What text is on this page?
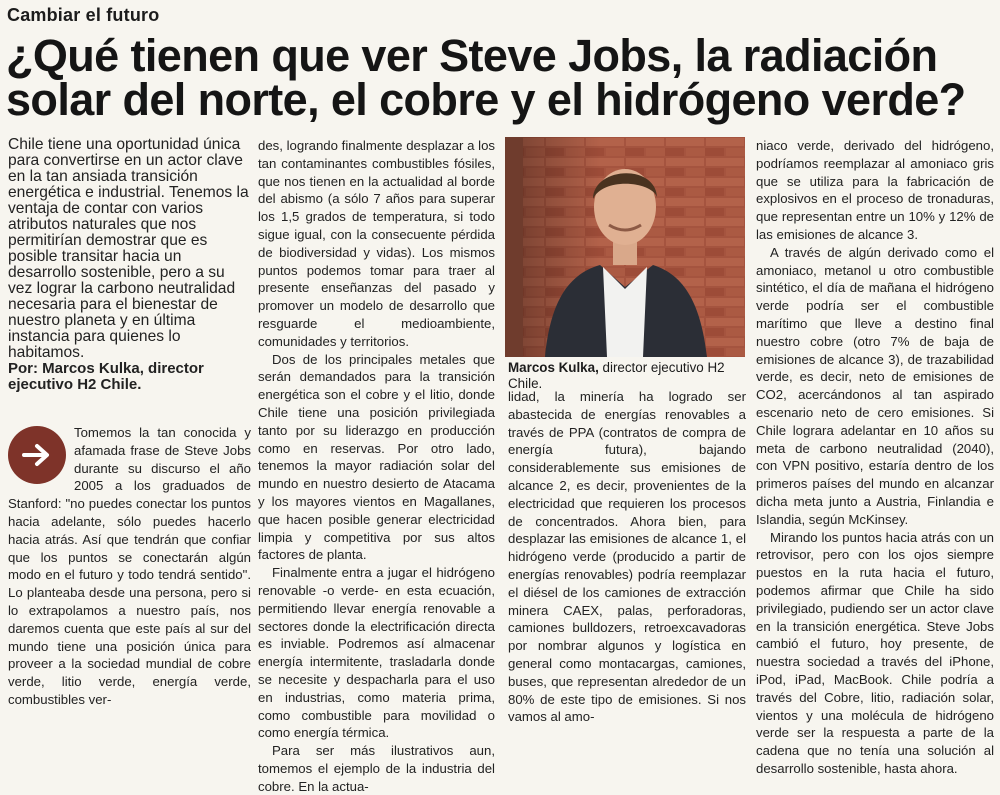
Cambiar el futuro
¿Qué tienen que ver Steve Jobs, la radiación solar del norte, el cobre y el hidrógeno verde?
Chile tiene una oportunidad única para convertirse en un actor clave en la tan ansiada transición energética e industrial. Tenemos la ventaja de contar con varios atributos naturales que nos permitirían demostrar que es posible transitar hacia un desarrollo sostenible, pero a su vez lograr la carbono neutralidad necesaria para el bienestar de nuestro planeta y en última instancia para quienes lo habitamos.
Por: Marcos Kulka, director ejecutivo H2 Chile.

Tomemos la tan conocida y afamada frase de Steve Jobs durante su discurso el año 2005 a los graduados de Stanford: "no puedes conectar los puntos hacia adelante, sólo puedes hacerlo hacia atrás. Así que tendrán que confiar que los puntos se conectarán algún modo en el futuro y todo tendrá sentido". Lo planteaba desde una persona, pero si lo extrapolamos a nuestro país, nos daremos cuenta que este país al sur del mundo tiene una posición única para proveer a la sociedad mundial de cobre verde, litio verde, energía verde, combustibles ver-

des, logrando finalmente desplazar a los tan contaminantes combustibles fósiles, que nos tienen en la actualidad al borde del abismo (a sólo 7 años para superar los 1,5 grados de temperatura, si todo sigue igual, con la consecuente pérdida de biodiversidad y vidas). Los mismos puntos podemos tomar para traer al presente enseñanzas del pasado y promover un modelo de desarrollo que resguarde el medioambiente, comunidades y territorios.

Dos de los principales metales que serán demandados para la transición energética son el cobre y el litio, donde Chile tiene una posición privilegiada tanto por su liderazgo en producción como en reservas. Por otro lado, tenemos la mayor radiación solar del mundo en nuestro desierto de Atacama y los mayores vientos en Magallanes, que hacen posible generar electricidad limpia y competitiva por sus altos factores de planta.

Finalmente entra a jugar el hidrógeno renovable -o verde- en esta ecuación, permitiendo llevar energía renovable a sectores donde la electrificación directa es inviable. Podremos así almacenar energía intermitente, trasladarla donde se necesite y despacharla para el uso en industrias, como materia prima, como combustible para movilidad o como energía térmica.

Para ser más ilustrativos aun, tomemos el ejemplo de la industria del cobre. En la actua-

Marcos Kulka, director ejecutivo H2 Chile.

lidad, la minería ha logrado ser abastecida de energías renovables a través de PPA (contratos de compra de energía futura), bajando considerablemente sus emisiones de alcance 2, es decir, provenientes de la electricidad que requieren los procesos de concentrados. Ahora bien, para desplazar las emisiones de alcance 1, el hidrógeno verde (producido a partir de energías renovables) podría reemplazar el diésel de los camiones de extracción minera CAEX, palas, perforadoras, camiones bulldozers, retroexcavadoras por nombrar algunos y logística en general como montacargas, camiones, buses, que representan alrededor de un 80% de este tipo de emisiones. Si nos vamos al amo-

niaco verde, derivado del hidrógeno, podríamos reemplazar al amoniaco gris que se utiliza para la fabricación de explosivos en el proceso de tronaduras, que representan entre un 10% y 12% de las emisiones de alcance 3.

A través de algún derivado como el amoniaco, metanol u otro combustible sintético, el día de mañana el hidrógeno verde podría ser el combustible marítimo que lleve a destino final nuestro cobre (otro 7% de baja de emisiones de alcance 3), de trazabilidad verde, es decir, neto de emisiones de CO2, acercándonos al tan aspirado escenario neto de cero emisiones. Si Chile lograra adelantar en 10 años su meta de carbono neutralidad (2040), con VPN positivo, estaría dentro de los primeros países del mundo en alcanzar dicha meta junto a Austria, Finlandia e Islandia, según McKinsey.

Mirando los puntos hacia atrás con un retrovisor, pero con los ojos siempre puestos en la ruta hacia el futuro, podemos afirmar que Chile ha sido privilegiado, pudiendo ser un actor clave en la transición energética. Steve Jobs cambió el futuro, hoy presente, de nuestra sociedad a través del iPhone, iPod, iPad, MacBook. Chile podría a través del Cobre, litio, radiación solar, vientos y una molécula de hidrógeno verde ser la respuesta a parte de la cadena que no tenía una solución al desarrollo sostenible, hasta ahora.
